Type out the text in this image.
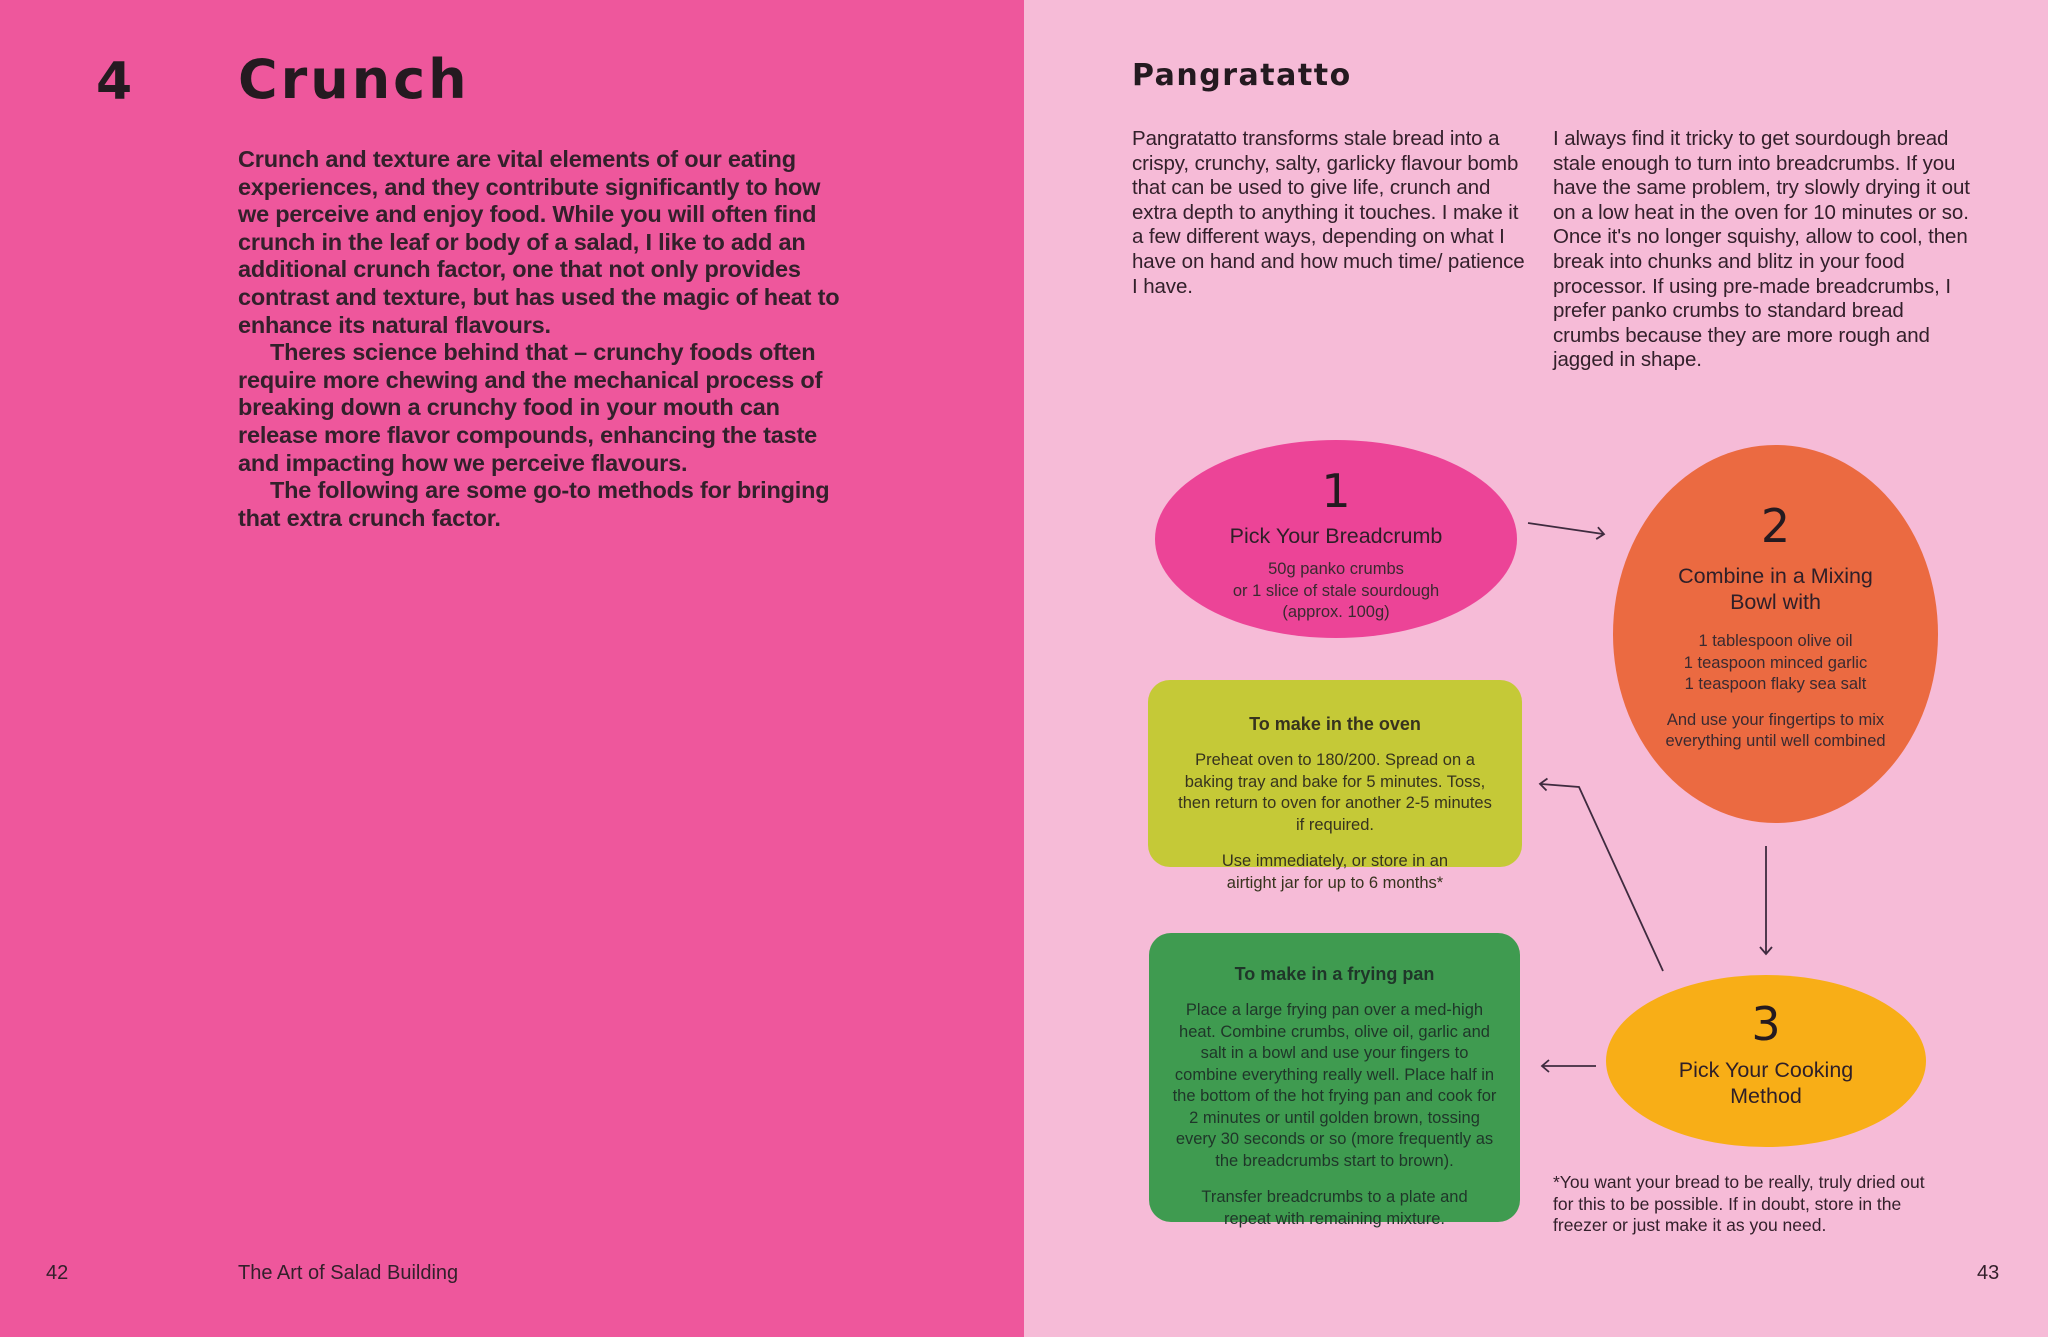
4 Crunch

Crunch and texture are vital elements of our eating experiences, and they contribute significantly to how we perceive and enjoy food. While you will often find crunch in the leaf or body of a salad, I like to add an additional crunch factor, one that not only provides contrast and texture, but has used the magic of heat to enhance its natural flavours.

Theres science behind that – crunchy foods often require more chewing and the mechanical process of breaking down a crunchy food in your mouth can release more flavor compounds, enhancing the taste and impacting how we perceive flavours.

The following are some go-to methods for bringing that extra crunch factor.

42	The Art of Salad Building
Pangratatto
Pangratatto transforms stale bread into a crispy, crunchy, salty, garlicky flavour bomb that can be used to give life, crunch and extra depth to anything it touches. I make it a few different ways, depending on what I have on hand and how much time/ patience I have.
I always find it tricky to get sourdough bread stale enough to turn into breadcrumbs. If you have the same problem, try slowly drying it out on a low heat in the oven for 10 minutes or so. Once it's no longer squishy, allow to cool, then break into chunks and blitz in your food processor. If using pre-made breadcrumbs, I prefer panko crumbs to standard bread crumbs because they are more rough and jagged in shape.
1
Pick Your Breadcrumb
50g panko crumbs
or 1 slice of stale sourdough
(approx. 100g)
2
Combine in a Mixing
Bowl with
1 tablespoon olive oil
1 teaspoon minced garlic
1 teaspoon flaky sea salt
And use your fingertips to mix
everything until well combined
3
Pick Your Cooking
Method
To make in the oven
Preheat oven to 180/200. Spread on a baking tray and bake for 5 minutes. Toss, then return to oven for another 2-5 minutes if required.
Use immediately, or store in an airtight jar for up to 6 months*
To make in a frying pan
Place a large frying pan over a med-high heat. Combine crumbs, olive oil, garlic and salt in a bowl and use your fingers to combine everything really well. Place half in the bottom of the hot frying pan and cook for 2 minutes or until golden brown, tossing every 30 seconds or so (more frequently as the breadcrumbs start to brown).
Transfer breadcrumbs to a plate and repeat with remaining mixture.
*You want your bread to be really, truly dried out for this to be possible. If in doubt, store in the freezer or just make it as you need.
43
